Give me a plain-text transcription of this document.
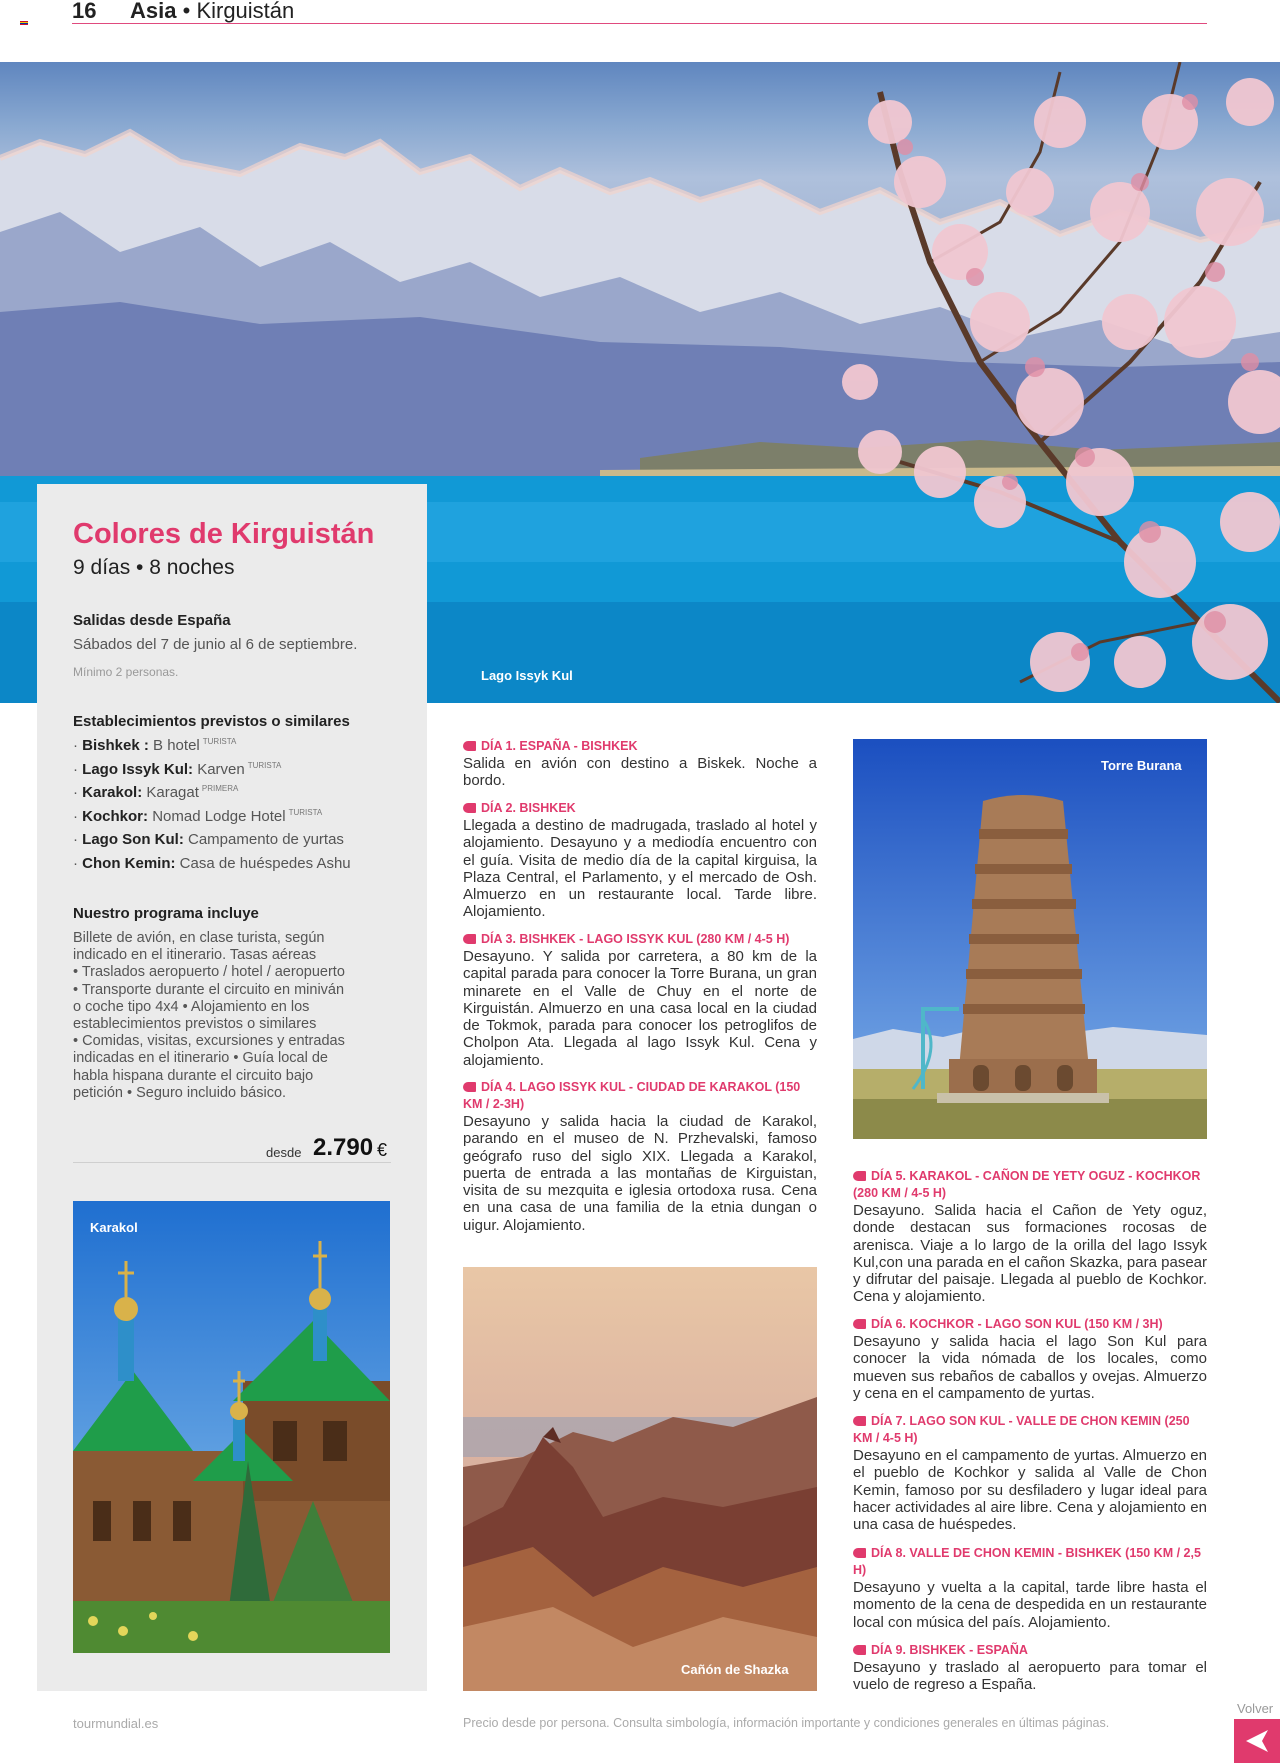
16 Asia • Kirguistán
Lago Issyk Kul
Colores de Kirguistán
9 días • 8 noches
Salidas desde España
Sábados del 7 de junio al 6 de septiembre.
Mínimo 2 personas.
Establecimientos previstos o similares
· Bishkek : B hotel $^{TURISTA}$
· Lago Issyk Kul: Karven $^{TURISTA}$
· Karakol: Karagat $^{PRIMERA}$
· Kochkor: Nomad Lodge Hotel $^{TURISTA}$
· Lago Son Kul: Campamento de yurtas
· Chon Kemin: Casa de huéspedes Ashu
Nuestro programa incluye

Billete de avión, en clase turista, según

indicado en el itinerario. Tasas aéreas

• Traslados aeropuerto / hotel / aeropuerto

• Transporte durante el circuito en miniván

o coche tipo 4x4 • Alojamiento en los

establecimientos previstos o similares

• Comidas, visitas, excursiones y entradas

indicadas en el itinerario • Guía local de

habla hispana durante el circuito bajo

petición • Seguro incluido básico.

desde 2.790 €
Karakol
Torre Burana
Cañón de Shazka
DÍA 1. ESPAÑA - BISHKEK

Salida en avión con destino a Biskek. Noche a bordo.

DÍA 2. BISHKEK

Llegada a destino de madrugada, traslado al hotel y alojamiento. Desayuno y a mediodía encuentro con el guía. Visita de medio día de la capital kirguisa, la Plaza Central, el Parlamento, y el mercado de Osh. Almuerzo en un restaurante local. Tarde libre. Alojamiento.

DÍA 3. BISHKEK - LAGO ISSYK KUL (280 KM / 4-5 H)

Desayuno. Y salida por carretera, a 80 km de la capital parada para conocer la Torre Burana, un gran minarete en el Valle de Chuy en el norte de Kirguistán. Almuerzo en una casa local en la ciudad de Tokmok, parada para conocer los petroglifos de Cholpon Ata. Llegada al lago Issyk Kul. Cena y alojamiento.

DÍA 4. LAGO ISSYK KUL - CIUDAD DE KARAKOL (150 KM / 2-3H)

Desayuno y salida hacia la ciudad de Karakol, parando en el museo de N. Przhevalski, famoso geógrafo ruso del siglo XIX. Llegada a Karakol, puerta de entrada a las montañas de Kirguistan, visita de su mezquita e iglesia ortodoxa rusa. Cena en una casa de una familia de la etnia dungan o uigur. Alojamiento.

DÍA 5. KARAKOL - CAÑON DE YETY OGUZ - KOCHKOR (280 KM / 4-5 H)

Desayuno. Salida hacia el Cañon de Yety oguz, donde destacan sus formaciones rocosas de arenisca. Viaje a lo largo de la orilla del lago Issyk Kul,con una parada en el cañon Skazka, para pasear y difrutar del paisaje. Llegada al pueblo de Kochkor. Cena y alojamiento.

DÍA 6. KOCHKOR - LAGO SON KUL (150 KM / 3H)

Desayuno y salida hacia el lago Son Kul para conocer la vida nómada de los locales, como mueven sus rebaños de caballos y ovejas. Almuerzo y cena en el campamento de yurtas.

DÍA 7. LAGO SON KUL - VALLE DE CHON KEMIN (250 KM / 4-5 H)

Desayuno en el campamento de yurtas. Almuerzo en el pueblo de Kochkor y salida al Valle de Chon Kemin, famoso por su desfiladero y lugar ideal para hacer actividades al aire libre. Cena y alojamiento en una casa de huéspedes.

DÍA 8. VALLE DE CHON KEMIN - BISHKEK (150 KM / 2,5 H)

Desayuno y vuelta a la capital, tarde libre hasta el momento de la cena de despedida en un restaurante local con música del país. Alojamiento.

DÍA 9. BISHKEK - ESPAÑA

Desayuno y traslado al aeropuerto para tomar el vuelo de regreso a España.

tourmundial.es	Precio desde por persona. Consulta simbología, información importante y condiciones generales en últimas páginas.
Volver
